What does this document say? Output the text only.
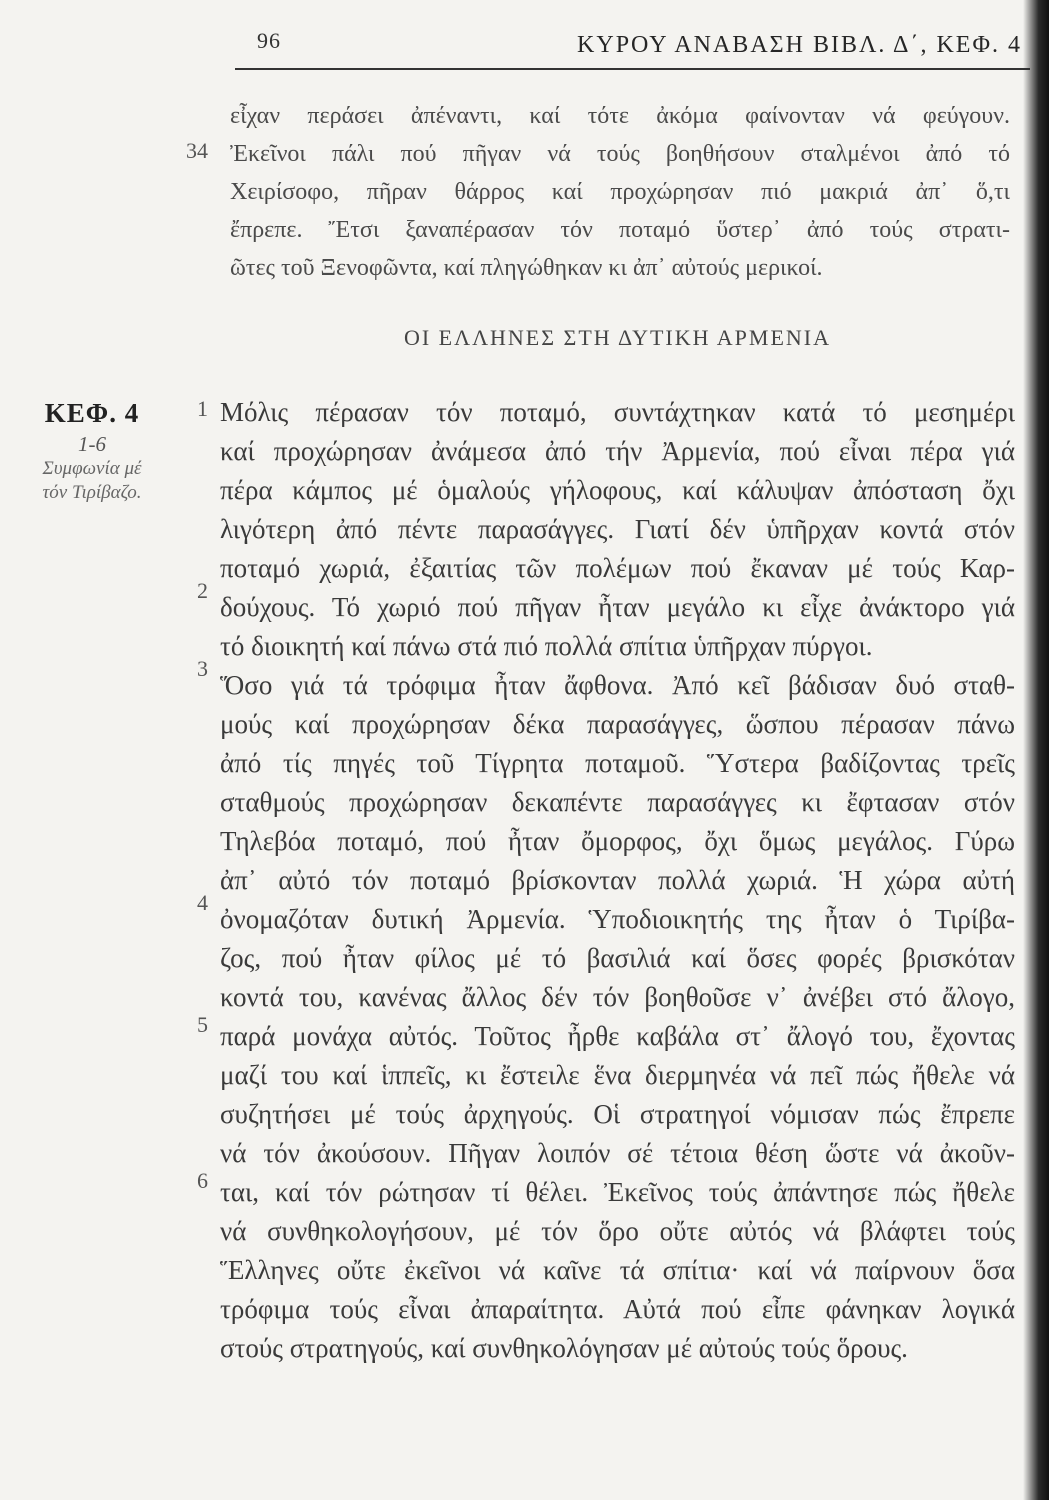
96	ΚΥΡΟΥ ΑΝΑΒΑΣΗ ΒΙΒΛ. Δ΄, ΚΕΦ. 4
34
1
2
3
4
5
6
ΚΕΦ. 4
1-6
Συμφωνία μέ
τόν Τιρίβαζο.
εἶχαν περάσει ἀπέναντι, καί τότε ἀκόμα φαίνονταν νά φεύγουν.
Ἐκεῖνοι πάλι πού πῆγαν νά τούς βοηθήσουν σταλμένοι ἀπό τό
Χειρίσοφο, πῆραν θάρρος καί προχώρησαν πιό μακριά ἀπ᾽ ὅ,τι
ἔπρεπε. Ἔτσι ξαναπέρασαν τόν ποταμό ὕστερ᾽ ἀπό τούς στρατι-
ῶτες τοῦ Ξενοφῶντα, καί πληγώθηκαν κι ἀπ᾽ αὐτούς μερικοί.
ΟΙ ΕΛΛΗΝΕΣ ΣΤΗ ΔΥΤΙΚΗ ΑΡΜΕΝΙΑ
Μόλις πέρασαν τόν ποταμό, συντάχτηκαν κατά τό μεσημέρι
καί προχώρησαν ἀνάμεσα ἀπό τήν Ἀρμενία, πού εἶναι πέρα γιά
πέρα κάμπος μέ ὁμαλούς γήλοφους, καί κάλυψαν ἀπόσταση ὄχι
λιγότερη ἀπό πέντε παρασάγγες. Γιατί δέν ὑπῆρχαν κοντά στόν
ποταμό χωριά, ἐξαιτίας τῶν πολέμων πού ἔκαναν μέ τούς Καρ-
δούχους. Τό χωριό πού πῆγαν ἦταν μεγάλο κι εἶχε ἀνάκτορο γιά
τό διοικητή καί πάνω στά πιό πολλά σπίτια ὑπῆρχαν πύργοι.
Ὅσο γιά τά τρόφιμα ἦταν ἄφθονα. Ἀπό κεῖ βάδισαν δυό σταθ-
μούς καί προχώρησαν δέκα παρασάγγες, ὥσπου πέρασαν πάνω
ἀπό τίς πηγές τοῦ Τίγρητα ποταμοῦ. Ὕστερα βαδίζοντας τρεῖς
σταθμούς προχώρησαν δεκαπέντε παρασάγγες κι ἔφτασαν στόν
Τηλεβόα ποταμό, πού ἦταν ὄμορφος, ὄχι ὅμως μεγάλος. Γύρω
ἀπ᾽ αὐτό τόν ποταμό βρίσκονταν πολλά χωριά. Ἡ χώρα αὐτή
ὀνομαζόταν δυτική Ἀρμενία. Ὑποδιοικητής της ἦταν ὁ Τιρίβα-
ζος, πού ἦταν φίλος μέ τό βασιλιά καί ὅσες φορές βρισκόταν
κοντά του, κανένας ἄλλος δέν τόν βοηθοῦσε ν᾽ ἀνέβει στό ἄλογο,
παρά μονάχα αὐτός. Τοῦτος ἦρθε καβάλα στ᾽ ἄλογό του, ἔχοντας
μαζί του καί ἱππεῖς, κι ἔστειλε ἕνα διερμηνέα νά πεῖ πώς ἤθελε νά
συζητήσει μέ τούς ἀρχηγούς. Οἱ στρατηγοί νόμισαν πώς ἔπρεπε
νά τόν ἀκούσουν. Πῆγαν λοιπόν σέ τέτοια θέση ὥστε νά ἀκοῦν-
ται, καί τόν ρώτησαν τί θέλει. Ἐκεῖνος τούς ἀπάντησε πώς ἤθελε
νά συνθηκολογήσουν, μέ τόν ὅρο οὔτε αὐτός νά βλάφτει τούς
Ἕλληνες οὔτε ἐκεῖνοι νά καῖνε τά σπίτια· καί νά παίρνουν ὅσα
τρόφιμα τούς εἶναι ἀπαραίτητα. Αὐτά πού εἶπε φάνηκαν λογικά
στούς στρατηγούς, καί συνθηκολόγησαν μέ αὐτούς τούς ὅρους.
